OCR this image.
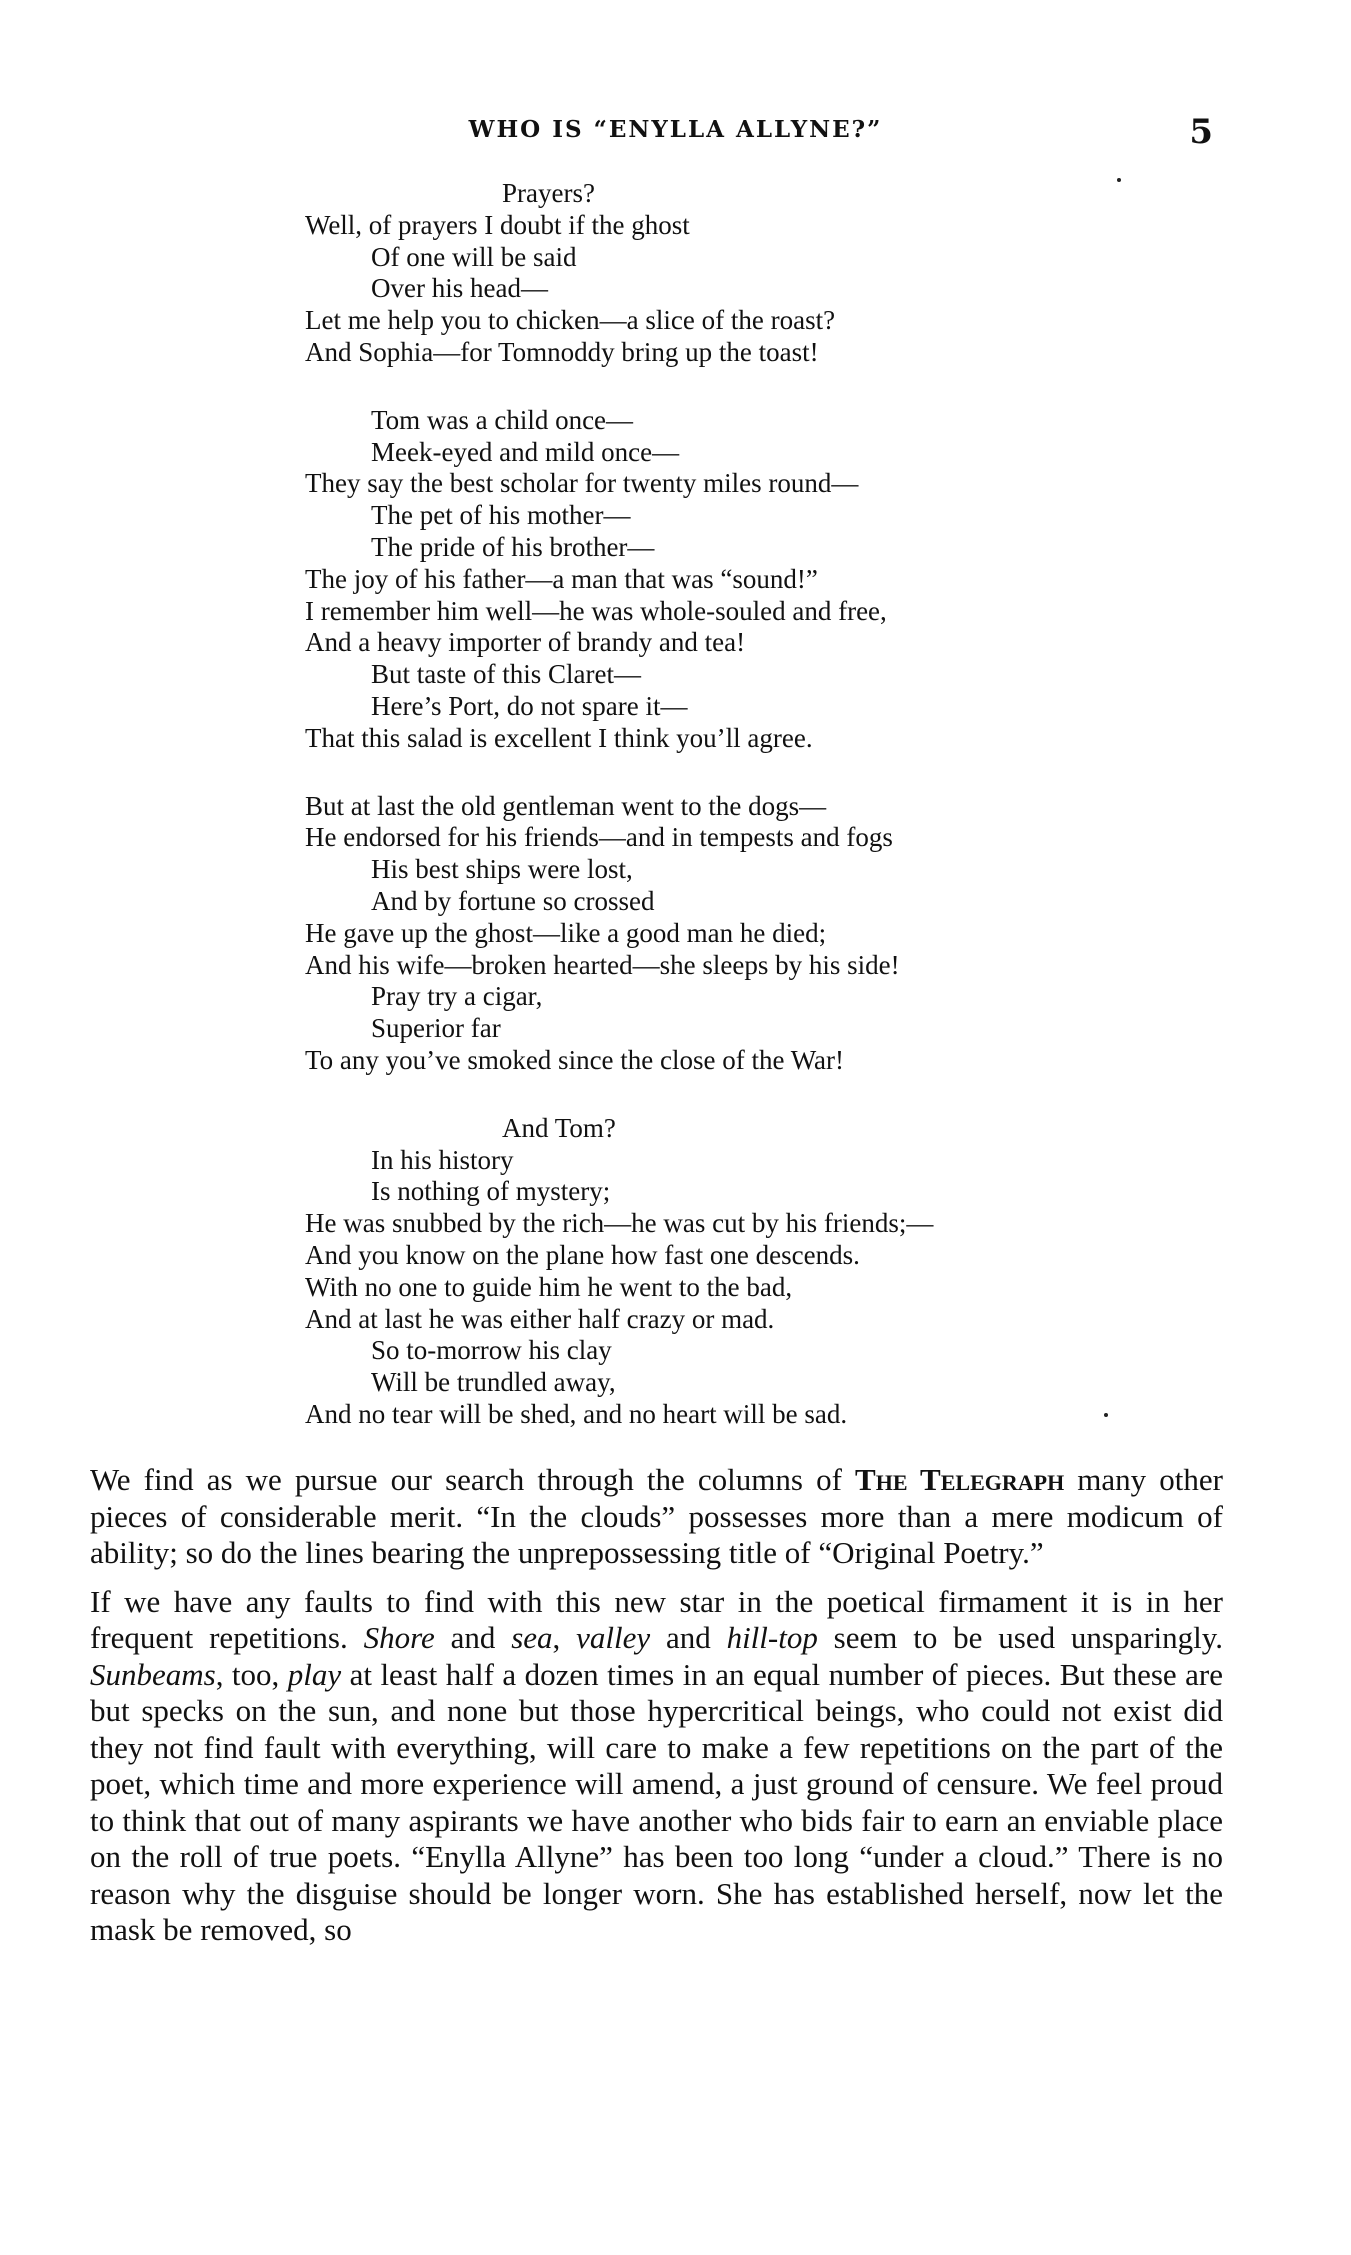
WHO IS “ENYLLA ALLYNE?”	5
Prayers?
Well, of prayers I doubt if the ghost
Of one will be said
Over his head—
Let me help you to chicken—a slice of the roast?
And Sophia—for Tomnoddy bring up the toast!
Tom was a child once—
Meek-eyed and mild once—
They say the best scholar for twenty miles round—
The pet of his mother—
The pride of his brother—
The joy of his father—a man that was “sound!”
I remember him well—he was whole-souled and free,
And a heavy importer of brandy and tea!
But taste of this Claret—
Here’s Port, do not spare it—
That this salad is excellent I think you’ll agree.
But at last the old gentleman went to the dogs—
He endorsed for his friends—and in tempests and fogs
His best ships were lost,
And by fortune so crossed
He gave up the ghost—like a good man he died;
And his wife—broken hearted—she sleeps by his side!
Pray try a cigar,
Superior far
To any you’ve smoked since the close of the War!
And Tom?
In his history
Is nothing of mystery;
He was snubbed by the rich—he was cut by his friends;—
And you know on the plane how fast one descends.
With no one to guide him he went to the bad,
And at last he was either half crazy or mad.
So to-morrow his clay
Will be trundled away,
And no tear will be shed, and no heart will be sad.

We find as we pursue our search through the columns of The Telegraph many other pieces of considerable merit. “In the clouds” possesses more than a mere modicum of ability; so do the lines bearing the unprepossessing title of “Original Poetry.”

If we have any faults to find with this new star in the poetical firmament it is in her frequent repetitions. Shore and sea, valley and hill-top seem to be used unsparingly. Sunbeams, too, play at least half a dozen times in an equal number of pieces. But these are but specks on the sun, and none but those hypercritical beings, who could not exist did they not find fault with everything, will care to make a few repetitions on the part of the poet, which time and more experience will amend, a just ground of censure. We feel proud to think that out of many aspirants we have another who bids fair to earn an enviable place on the roll of true poets. “Enylla Allyne” has been too long “under a cloud.” There is no reason why the disguise should be longer worn. She has established herself, now let the mask be removed, so
